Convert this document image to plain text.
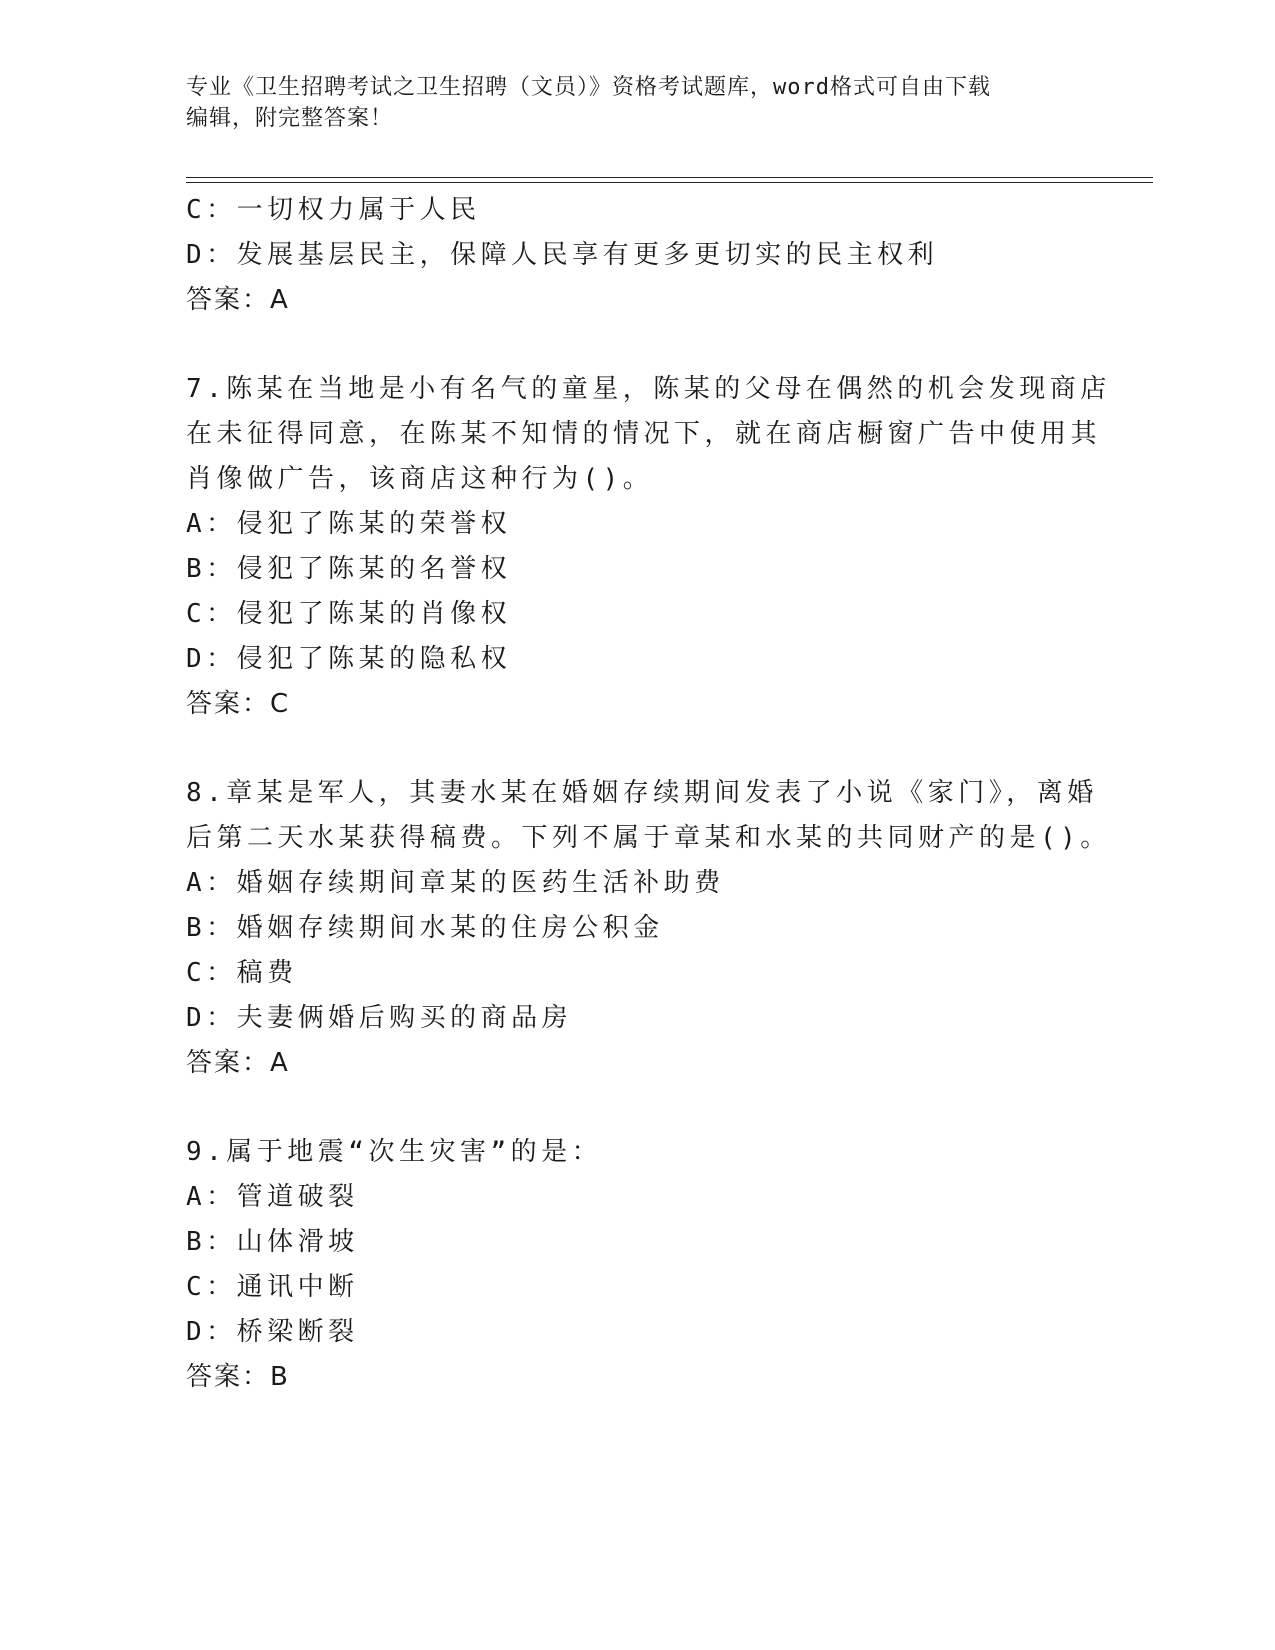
专业《卫生招聘考试之卫生招聘（文员）》资格考试题库，word格式可自由下载
编辑，附完整答案！
C：一切权力属于人民
D：发展基层民主，保障人民享有更多更切实的民主权利
答案：A
7.陈某在当地是小有名气的童星，陈某的父母在偶然的机会发现商店
在未征得同意，在陈某不知情的情况下，就在商店橱窗广告中使用其
肖像做广告，该商店这种行为()。
A：侵犯了陈某的荣誉权
B：侵犯了陈某的名誉权
C：侵犯了陈某的肖像权
D：侵犯了陈某的隐私权
答案：C
8.章某是军人，其妻水某在婚姻存续期间发表了小说《家门》，离婚
后第二天水某获得稿费。下列不属于章某和水某的共同财产的是()。
A：婚姻存续期间章某的医药生活补助费
B：婚姻存续期间水某的住房公积金
C：稿费
D：夫妻俩婚后购买的商品房
答案：A
9.属于地震“次生灾害”的是：
A：管道破裂
B：山体滑坡
C：通讯中断
D：桥梁断裂
答案：B
